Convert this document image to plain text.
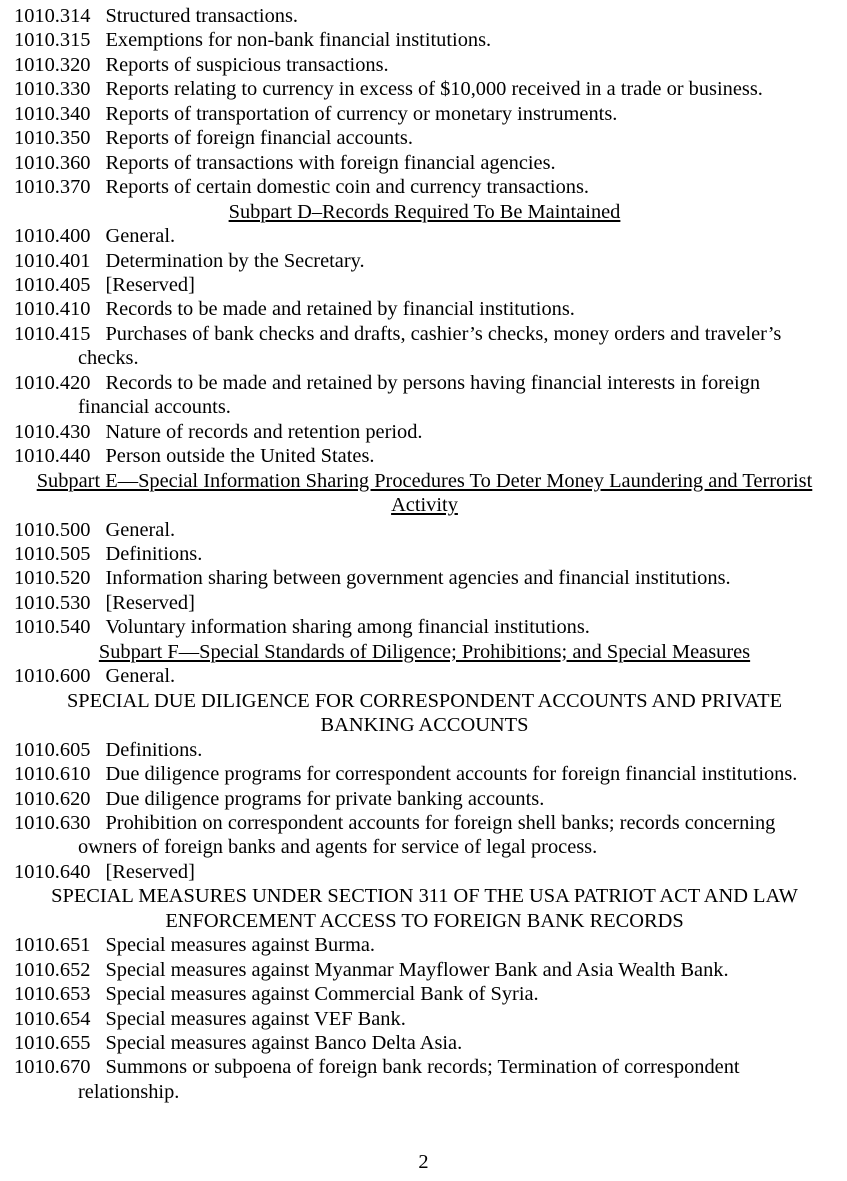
1010.314 Structured transactions.
1010.315 Exemptions for non-bank financial institutions.
1010.320 Reports of suspicious transactions.
1010.330 Reports relating to currency in excess of $10,000 received in a trade or business.
1010.340 Reports of transportation of currency or monetary instruments.
1010.350 Reports of foreign financial accounts.
1010.360 Reports of transactions with foreign financial agencies.
1010.370 Reports of certain domestic coin and currency transactions.
Subpart D–Records Required To Be Maintained
1010.400 General.
1010.401 Determination by the Secretary.
1010.405 [Reserved]
1010.410 Records to be made and retained by financial institutions.
1010.415 Purchases of bank checks and drafts, cashier’s checks, money orders and traveler’s
checks.
1010.420 Records to be made and retained by persons having financial interests in foreign
financial accounts.
1010.430 Nature of records and retention period.
1010.440 Person outside the United States.
Subpart E—Special Information Sharing Procedures To Deter Money Laundering and Terrorist
Activity
1010.500 General.
1010.505 Definitions.
1010.520 Information sharing between government agencies and financial institutions.
1010.530 [Reserved]
1010.540 Voluntary information sharing among financial institutions.
Subpart F—Special Standards of Diligence; Prohibitions; and Special Measures
1010.600 General.
SPECIAL DUE DILIGENCE FOR CORRESPONDENT ACCOUNTS AND PRIVATE
BANKING ACCOUNTS
1010.605 Definitions.
1010.610 Due diligence programs for correspondent accounts for foreign financial institutions.
1010.620 Due diligence programs for private banking accounts.
1010.630 Prohibition on correspondent accounts for foreign shell banks; records concerning
owners of foreign banks and agents for service of legal process.
1010.640 [Reserved]
SPECIAL MEASURES UNDER SECTION 311 OF THE USA PATRIOT ACT AND LAW
ENFORCEMENT ACCESS TO FOREIGN BANK RECORDS
1010.651 Special measures against Burma.
1010.652 Special measures against Myanmar Mayflower Bank and Asia Wealth Bank.
1010.653 Special measures against Commercial Bank of Syria.
1010.654 Special measures against VEF Bank.
1010.655 Special measures against Banco Delta Asia.
1010.670 Summons or subpoena of foreign bank records; Termination of correspondent
relationship.
2
